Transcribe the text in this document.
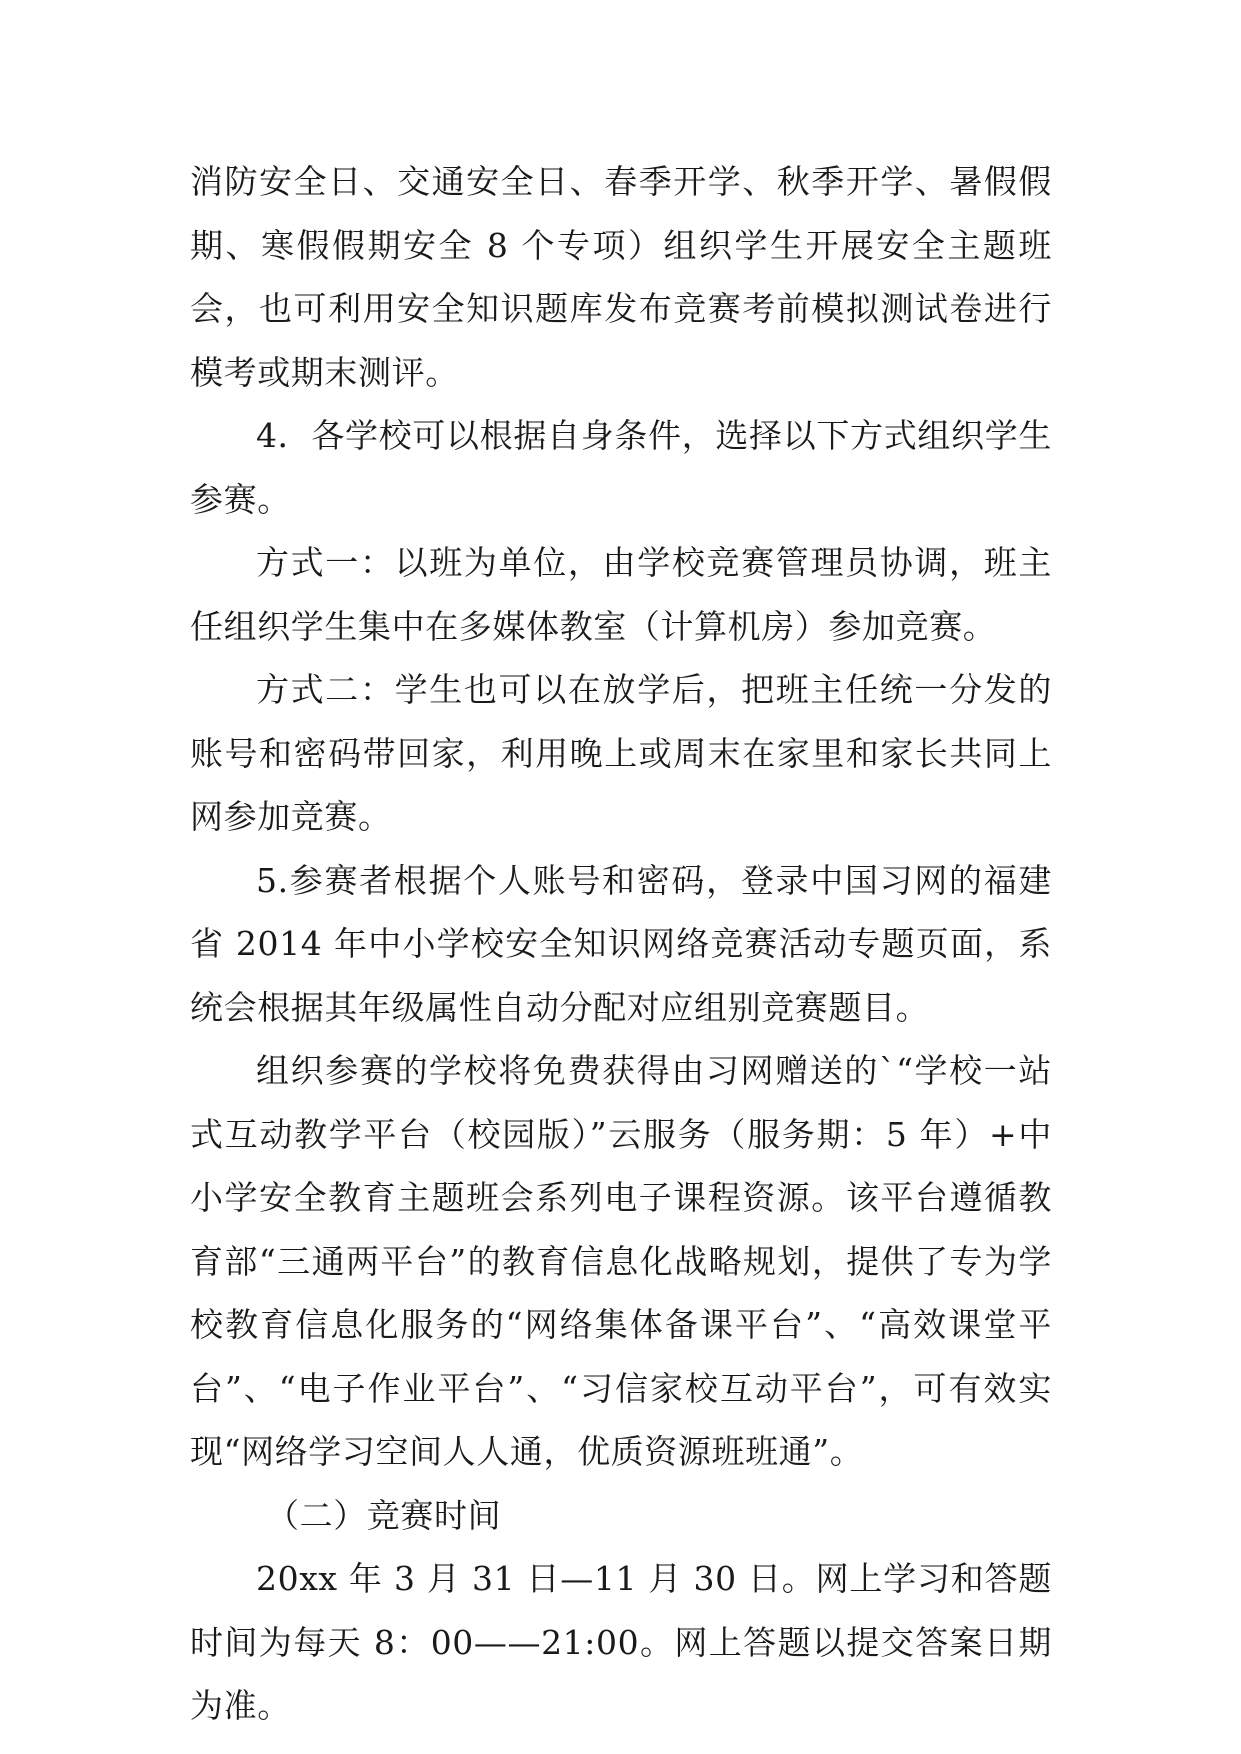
消防安全日、交通安全日、春季开学、秋季开学、暑假假期、寒假假期安全 8 个专项）组织学生开展安全主题班会，也可利用安全知识题库发布竞赛考前模拟测试卷进行模考或期末测评。

4．各学校可以根据自身条件，选择以下方式组织学生参赛。

方式一：以班为单位，由学校竞赛管理员协调，班主任组织学生集中在多媒体教室（计算机房）参加竞赛。

方式二：学生也可以在放学后，把班主任统一分发的账号和密码带回家，利用晚上或周末在家里和家长共同上网参加竞赛。

5.参赛者根据个人账号和密码，登录中国习网的福建省 2014 年中小学校安全知识网络竞赛活动专题页面，系统会根据其年级属性自动分配对应组别竞赛题目。

组织参赛的学校将免费获得由习网赠送的`“学校一站式互动教学平台（校园版）”云服务（服务期：5 年）+中小学安全教育主题班会系列电子课程资源。该平台遵循教育部“三通两平台”的教育信息化战略规划，提供了专为学校教育信息化服务的“网络集体备课平台”、“高效课堂平台”、“电子作业平台”、“习信家校互动平台”，可有效实现“网络学习空间人人通，优质资源班班通”。

（二）竞赛时间

20xx 年 3 月 31 日—11 月 30 日。网上学习和答题时间为每天 8：00——21:00。网上答题以提交答案日期为准。
